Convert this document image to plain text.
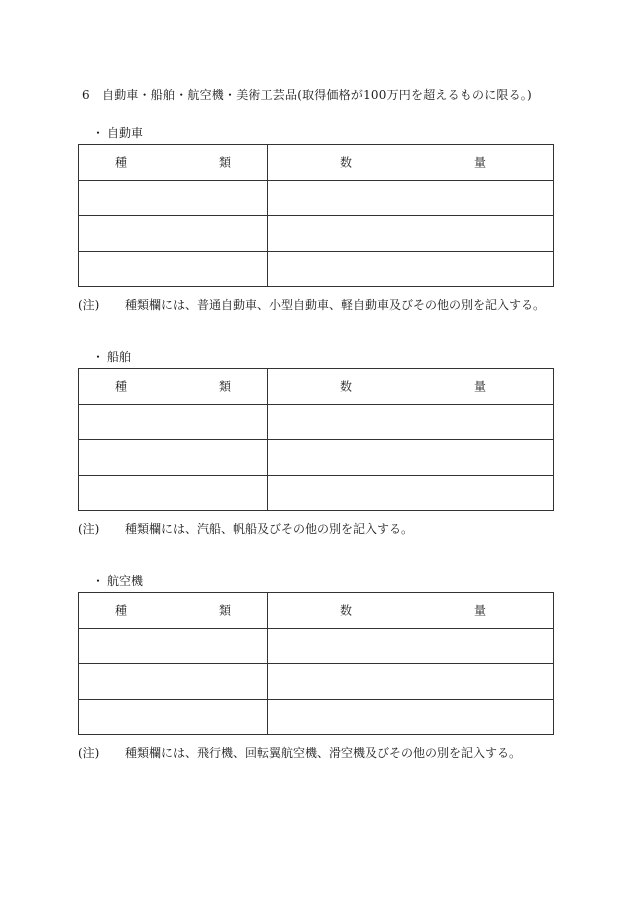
6 自動車・船舶・航空機・美術工芸品(取得価格が100万円を超えるものに限る。)
・ 自動車
種 類	数 量

(注) 種類欄には、普通自動車、小型自動車、軽自動車及びその他の別を記入する。
・ 船舶
種 類	数 量

(注) 種類欄には、汽船、帆船及びその他の別を記入する。
・ 航空機
種 類	数 量

(注) 種類欄には、飛行機、回転翼航空機、滑空機及びその他の別を記入する。
